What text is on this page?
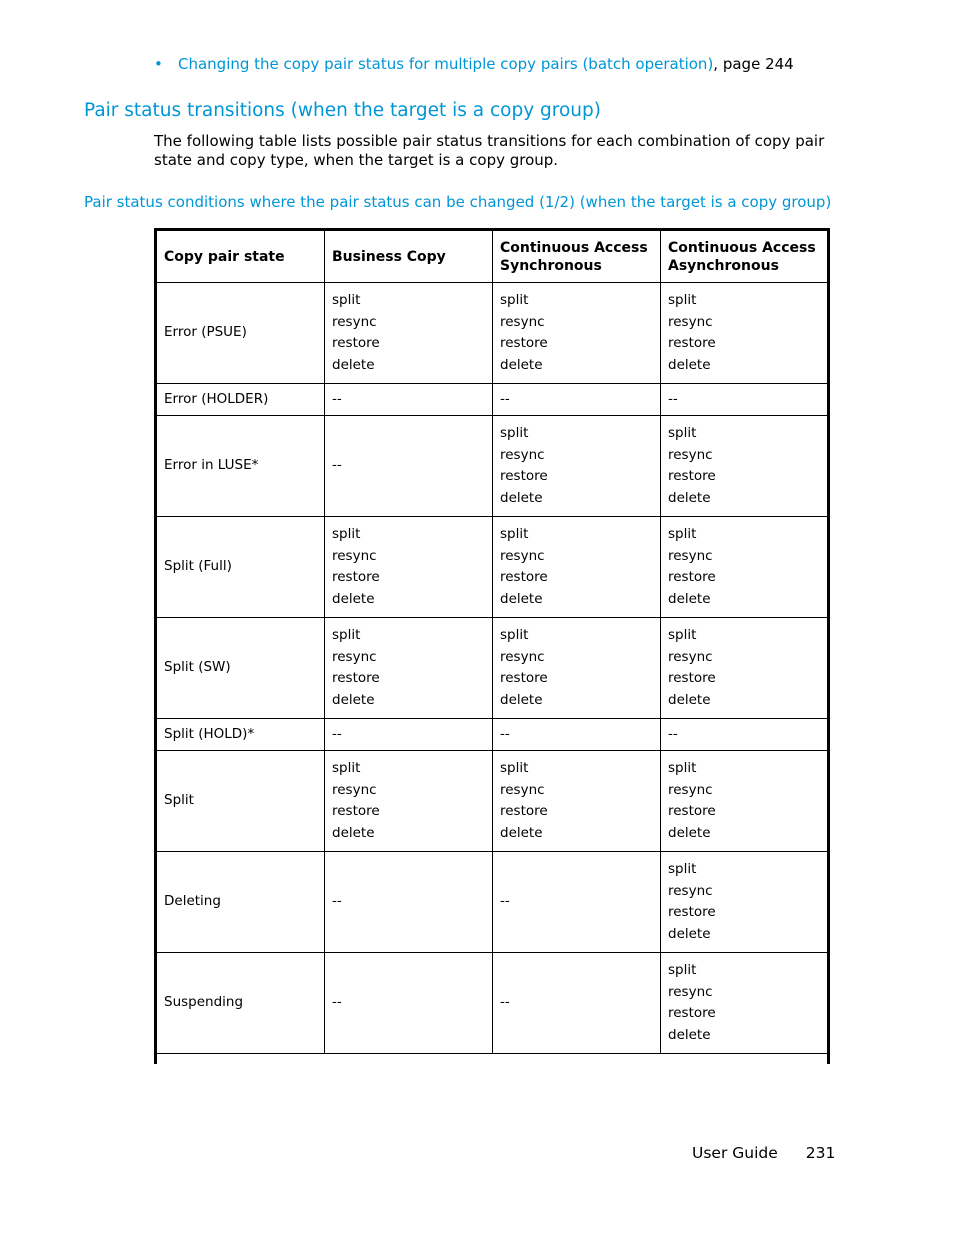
• Changing the copy pair status for multiple copy pairs (batch operation), page 244
Pair status transitions (when the target is a copy group)
The following table lists possible pair status transitions for each combination of copy pair state and copy type, when the target is a copy group.
Pair status conditions where the pair status can be changed (1/2) (when the target is a copy group)
Copy pair state	Business Copy	Continuous Access Synchronous	Continuous Access Asynchronous
Error (PSUE)	split
resync
restore
delete	split
resync
restore
delete	split
resync
restore
delete

Error (HOLDER)	--	--	--
Error in LUSE*	--	split
resync
restore
delete	split
resync
restore
delete

Split (Full)	split
resync
restore
delete	split
resync
restore
delete	split
resync
restore
delete

Split (SW)	split
resync
restore
delete	split
resync
restore
delete	split
resync
restore
delete

Split (HOLD)*	--	--	--
Split	split
resync
restore
delete	split
resync
restore
delete	split
resync
restore
delete

Deleting	--	--	split
resync
restore
delete

Suspending	--	--	split
resync
restore
delete
User Guide 231
